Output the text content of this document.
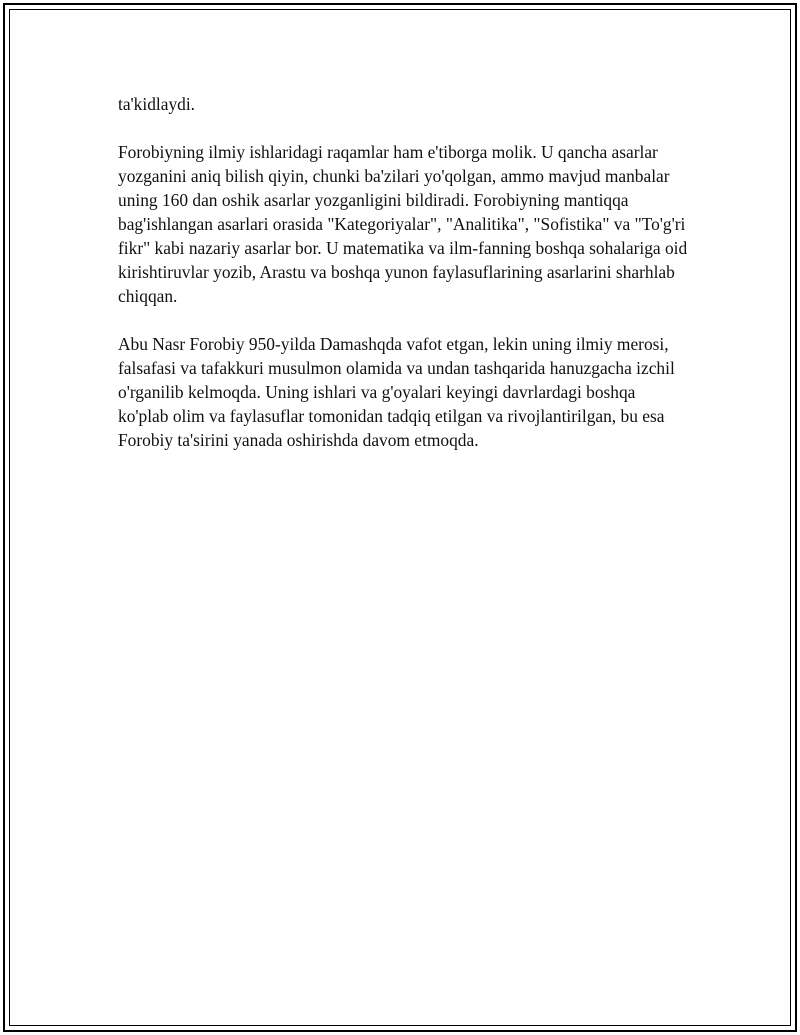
ta'kidlaydi.

Forobiyning ilmiy ishlaridagi raqamlar ham e'tiborga molik. U qancha asarlar yozganini aniq bilish qiyin, chunki ba'zilari yo'qolgan, ammo mavjud manbalar uning 160 dan oshik asarlar yozganligini bildiradi. Forobiyning mantiqqa bag'ishlangan asarlari orasida "Kategoriyalar", "Analitika", "Sofistika" va "To'g'ri fikr" kabi nazariy asarlar bor. U matematika va ilm-fanning boshqa sohalariga oid kirishtiruvlar yozib, Arastu va boshqa yunon faylasuflarining asarlarini sharhlab chiqqan.

Abu Nasr Forobiy 950-yilda Damashqda vafot etgan, lekin uning ilmiy merosi, falsafasi va tafakkuri musulmon olamida va undan tashqarida hanuzgacha izchil o'rganilib kelmoqda. Uning ishlari va g'oyalari keyingi davrlardagi boshqa ko'plab olim va faylasuflar tomonidan tadqiq etilgan va rivojlantirilgan, bu esa Forobiy ta'sirini yanada oshirishda davom etmoqda.
